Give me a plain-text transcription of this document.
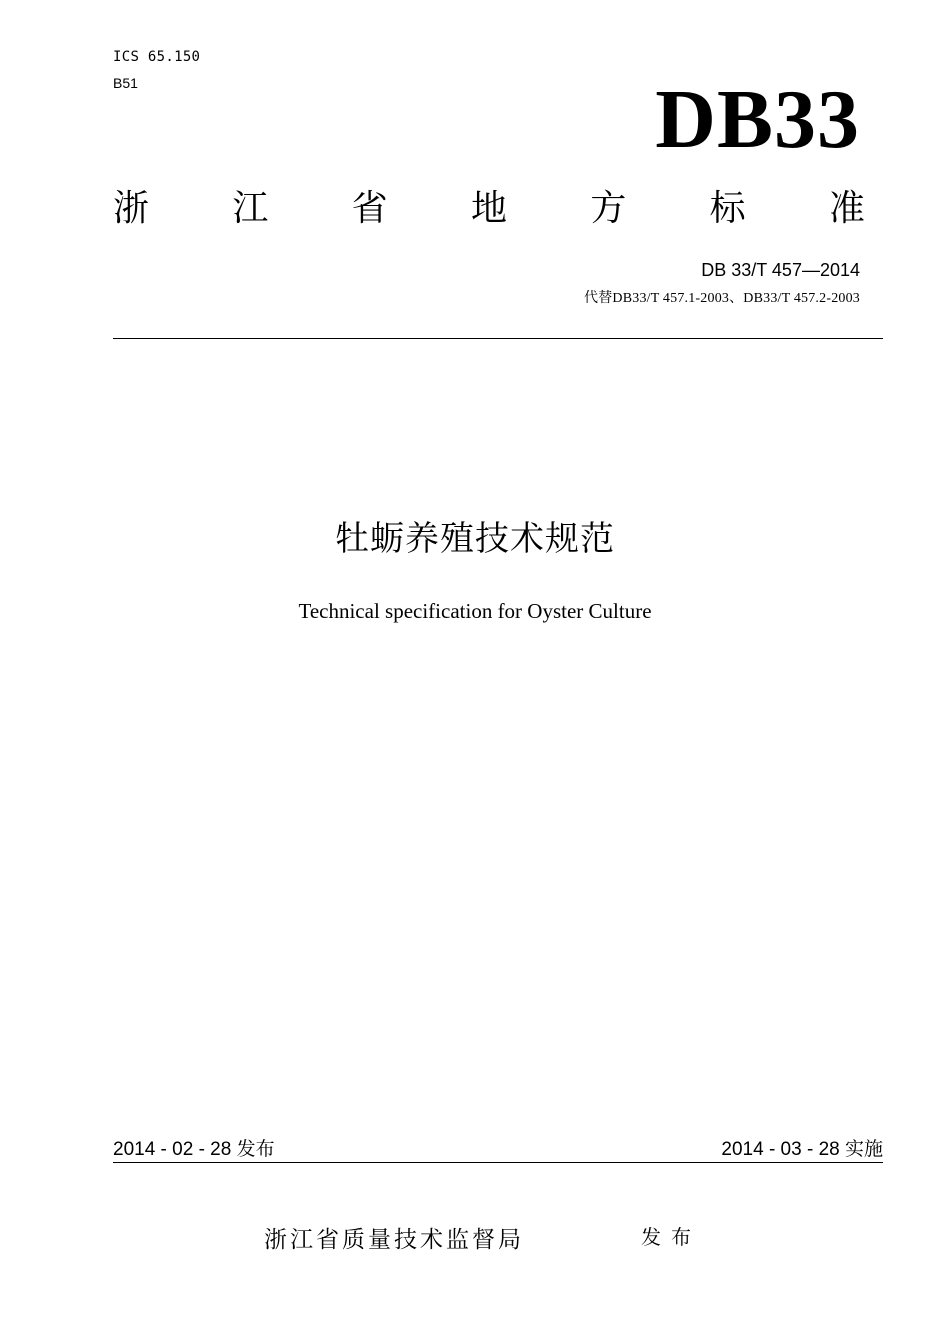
ICS 65.150
B51	DB33
浙 江 省 地 方 标 准
DB 33/T 457—2014
代替DB33/T 457.1-2003、DB33/T 457.2-2003
牡蛎养殖技术规范
Technical specification for Oyster Culture
2014 - 02 - 28 发布	2014 - 03 - 28 实施
浙江省质量技术监督局	发布
